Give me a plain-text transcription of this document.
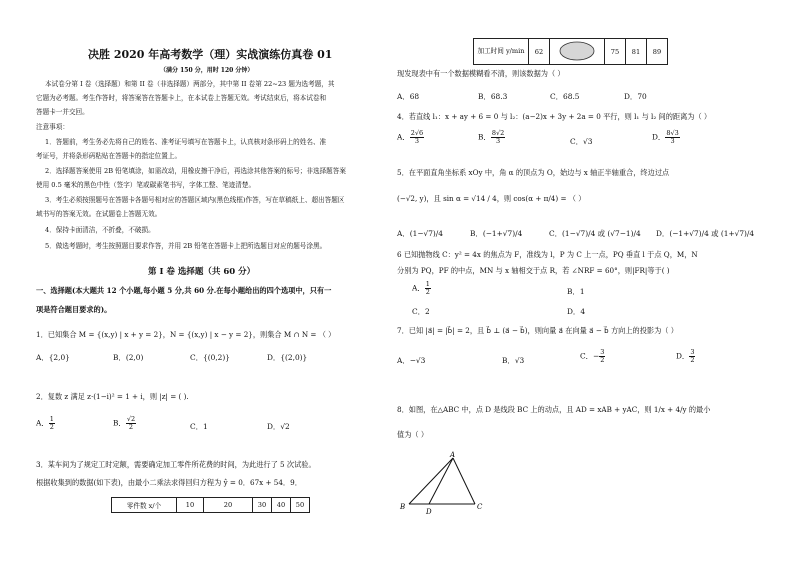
决胜 2020 年高考数学（理）实战演练仿真卷 01
（满分 150 分，用时 120 分钟）
本试卷分第 I 卷（选择题）和第 II 卷（非选择题）两部分，其中第 II 卷第 22~23 题为选考题，其
它题为必考题。考生作答时，将答案答在答题卡上，在本试卷上答题无效。考试结束后，将本试卷和
答题卡一并交回。
注意事项：
1．答题前，考生务必先将自己的姓名、准考证号填写在答题卡上，认真核对条形码上的姓名、准
考证号，并将条形码粘贴在答题卡的指定位置上。
2．选择题答案使用 2B 铅笔填涂，如需改动，用橡皮擦干净后，再选涂其他答案的标号；非选择题答案
使用 0.5 毫米的黑色中性（签字）笔或碳素笔书写，字体工整、笔迹清楚。
3．考生必须按照题号在答题卡各题号相对应的答题区域内(黑色线框)作答，写在草稿纸上、超出答题区
域书写的答案无效。在试题卷上答题无效。
4．保持卡面清洁，不折叠，不破损。
5．做选考题时，考生按照题目要求作答，并用 2B 铅笔在答题卡上把所选题目对应的题号涂黑。
第 I 卷 选择题（共 60 分）
一、选择题(本大题共 12 个小题,每小题 5 分,共 60 分.在每小题给出的四个选项中，只有一
项是符合题目要求的)。
1．已知集合 M = {(x,y) | x + y = 2}，N = {(x,y) | x − y = 2}，则集合 M ∩ N = （ ）
A．{2,0}	B．(2,0)	C．{(0,2)}	D．{(2,0)}
2．复数 z 满足 z·(1−i)² = 1 + i，则 |z| = ( ).
A． $\frac{1}{2}$	B． $\frac{√2}{2}$	C．1	D．√2
3．某车间为了规定工时定额，需要确定加工零件所花费的时间，为此进行了 5 次试验。
根据收集到的数据(如下表)，由最小二乘法求得回归方程为 ŷ = 0．67x + 54．9．
零件数 x/个	10	20	30	40	50
加工时间 y/min	62		75	81	89
现发现表中有一个数据模糊看不清，则该数据为（ ）
A．68	B．68.3	C．68.5	D．70
4．若直线 l₁：x + ay + 6 = 0 与 l₂：(a−2)x + 3y + 2a = 0 平行，则 l₁ 与 l₂ 间的距离为（ ）
A． $\frac{2√6}{3}$	B． $\frac{8√2}{3}$	C．√3	D． $\frac{8√3}{3}$
5．在平面直角坐标系 xOy 中，角 α 的顶点为 O，始边与 x 轴正半轴重合，终边过点
(−√2, y)，且 sin α = √14 / 4，则 cos(α + π/4) = （ ）
A．(1−√7)/4	B．(−1+√7)/4	C．(1−√7)/4 或 (√7−1)/4 D．(−1+√7)/4 或 (1+√7)/4
6 已知抛物线 C：y² = 4x 的焦点为 F，准线为 l，P 为 C 上一点，PQ 垂直 l 于点 Q，M，N
分别为 PQ，PF 的中点，MN 与 x 轴相交于点 R，若 ∠NRF = 60°，则|FR|等于( )
A． $\frac{1}{2}$	B．1
C．2	D．4
7．已知 |a⃗| = |b⃗| = 2，且 b⃗ ⊥ (a⃗ − b⃗)，则向量 a⃗ 在向量 a⃗ − b⃗ 方向上的投影为（ ）
A．−√3	B．√3	C．− $\frac{3}{2}$	D． $\frac{3}{2}$
8．如图，在△ABC 中，点 D 是线段 BC 上的动点，且 AD = xAB + yAC，则 1/x + 4/y 的最小
值为（ ）
A
B	C
D
